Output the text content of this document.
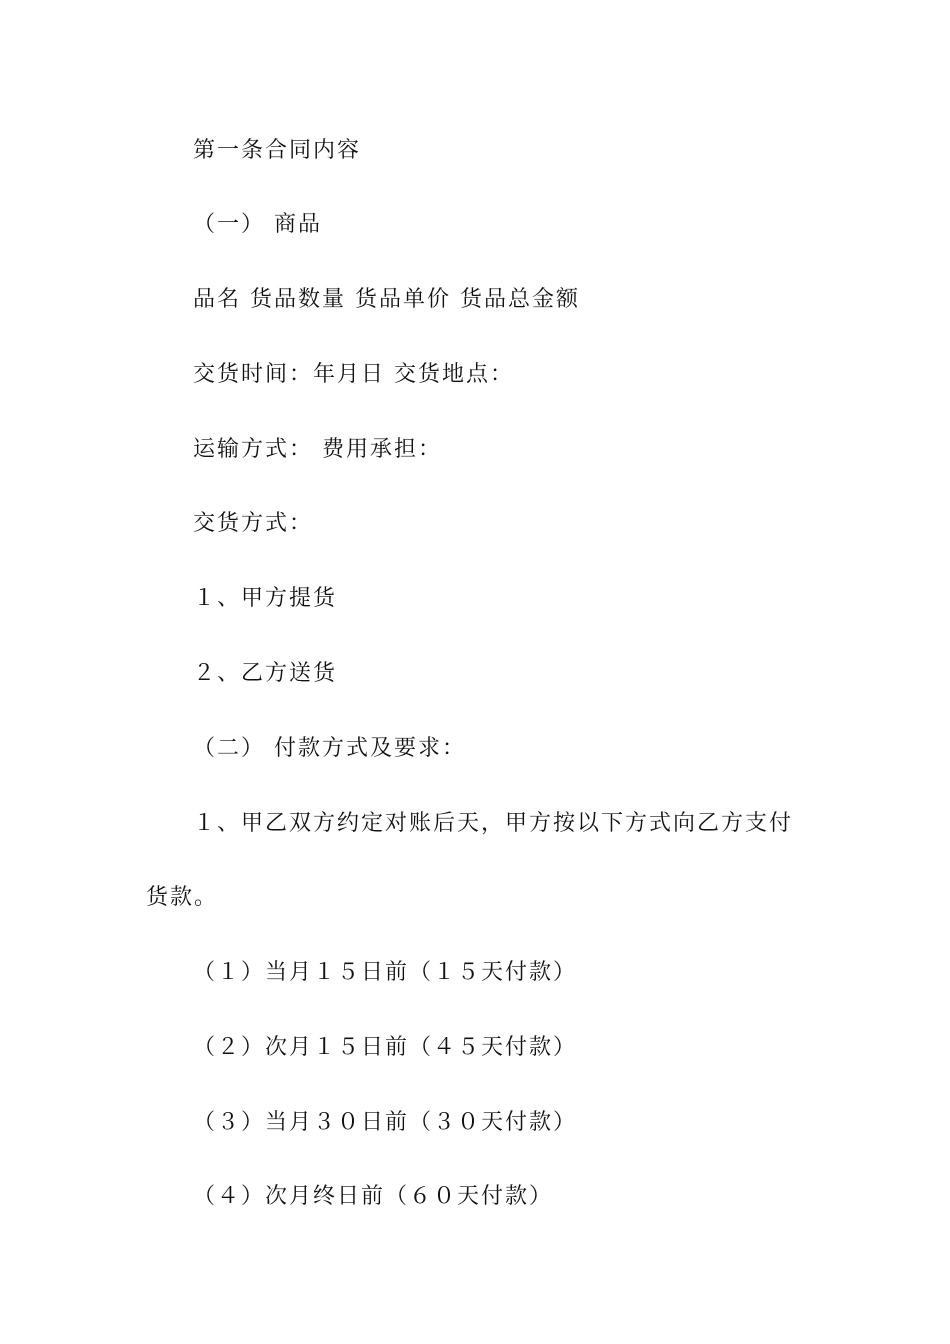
第一条合同内容
（一） 商品
品名 货品数量 货品单价 货品总金额
交货时间：年月日 交货地点：
运输方式： 费用承担：
交货方式：
１、甲方提货
２、乙方送货
（二） 付款方式及要求：
１、甲乙双方约定对账后天，甲方按以下方式向乙方支付
货款。
（１）当月１５日前（１５天付款）
（２）次月１５日前（４５天付款）
（３）当月３０日前（３０天付款）
（４）次月终日前（６０天付款）
